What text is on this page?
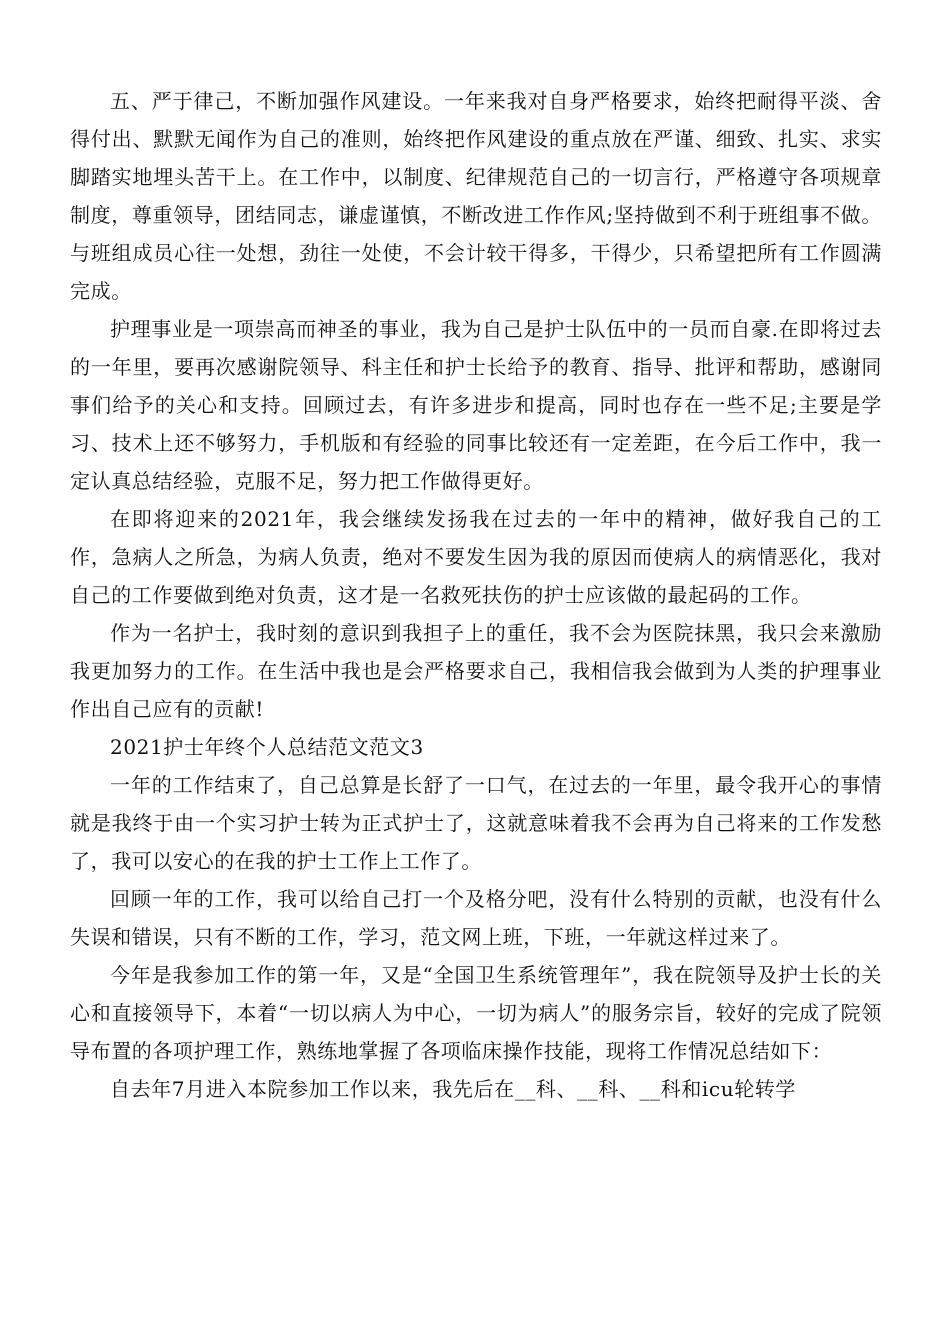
五、严于律己，不断加强作风建设。一年来我对自身严格要求，始终把耐得平淡、舍得付出、默默无闻作为自己的准则，始终把作风建设的重点放在严谨、细致、扎实、求实脚踏实地埋头苦干上。在工作中，以制度、纪律规范自己的一切言行，严格遵守各项规章制度，尊重领导，团结同志，谦虚谨慎，不断改进工作作风;坚持做到不利于班组事不做。与班组成员心往一处想，劲往一处使，不会计较干得多，干得少，只希望把所有工作圆满完成。

护理事业是一项崇高而神圣的事业，我为自己是护士队伍中的一员而自豪.在即将过去的一年里，要再次感谢院领导、科主任和护士长给予的教育、指导、批评和帮助，感谢同事们给予的关心和支持。回顾过去，有许多进步和提高，同时也存在一些不足;主要是学习、技术上还不够努力，手机版和有经验的同事比较还有一定差距，在今后工作中，我一定认真总结经验，克服不足，努力把工作做得更好。

在即将迎来的2021年，我会继续发扬我在过去的一年中的精神，做好我自己的工作，急病人之所急，为病人负责，绝对不要发生因为我的原因而使病人的病情恶化，我对自己的工作要做到绝对负责，这才是一名救死扶伤的护士应该做的最起码的工作。

作为一名护士，我时刻的意识到我担子上的重任，我不会为医院抹黑，我只会来激励我更加努力的工作。在生活中我也是会严格要求自己，我相信我会做到为人类的护理事业作出自己应有的贡献!

2021护士年终个人总结范文范文3

一年的工作结束了，自己总算是长舒了一口气，在过去的一年里，最令我开心的事情就是我终于由一个实习护士转为正式护士了，这就意味着我不会再为自己将来的工作发愁了，我可以安心的在我的护士工作上工作了。

回顾一年的工作，我可以给自己打一个及格分吧，没有什么特别的贡献，也没有什么失误和错误，只有不断的工作，学习，范文网上班，下班，一年就这样过来了。

今年是我参加工作的第一年，又是“全国卫生系统管理年”，我在院领导及护士长的关心和直接领导下，本着“一切以病人为中心，一切为病人”的服务宗旨，较好的完成了院领导布置的各项护理工作，熟练地掌握了各项临床操作技能，现将工作情况总结如下：

自去年7月进入本院参加工作以来，我先后在__科、__科、__科和icu轮转学
